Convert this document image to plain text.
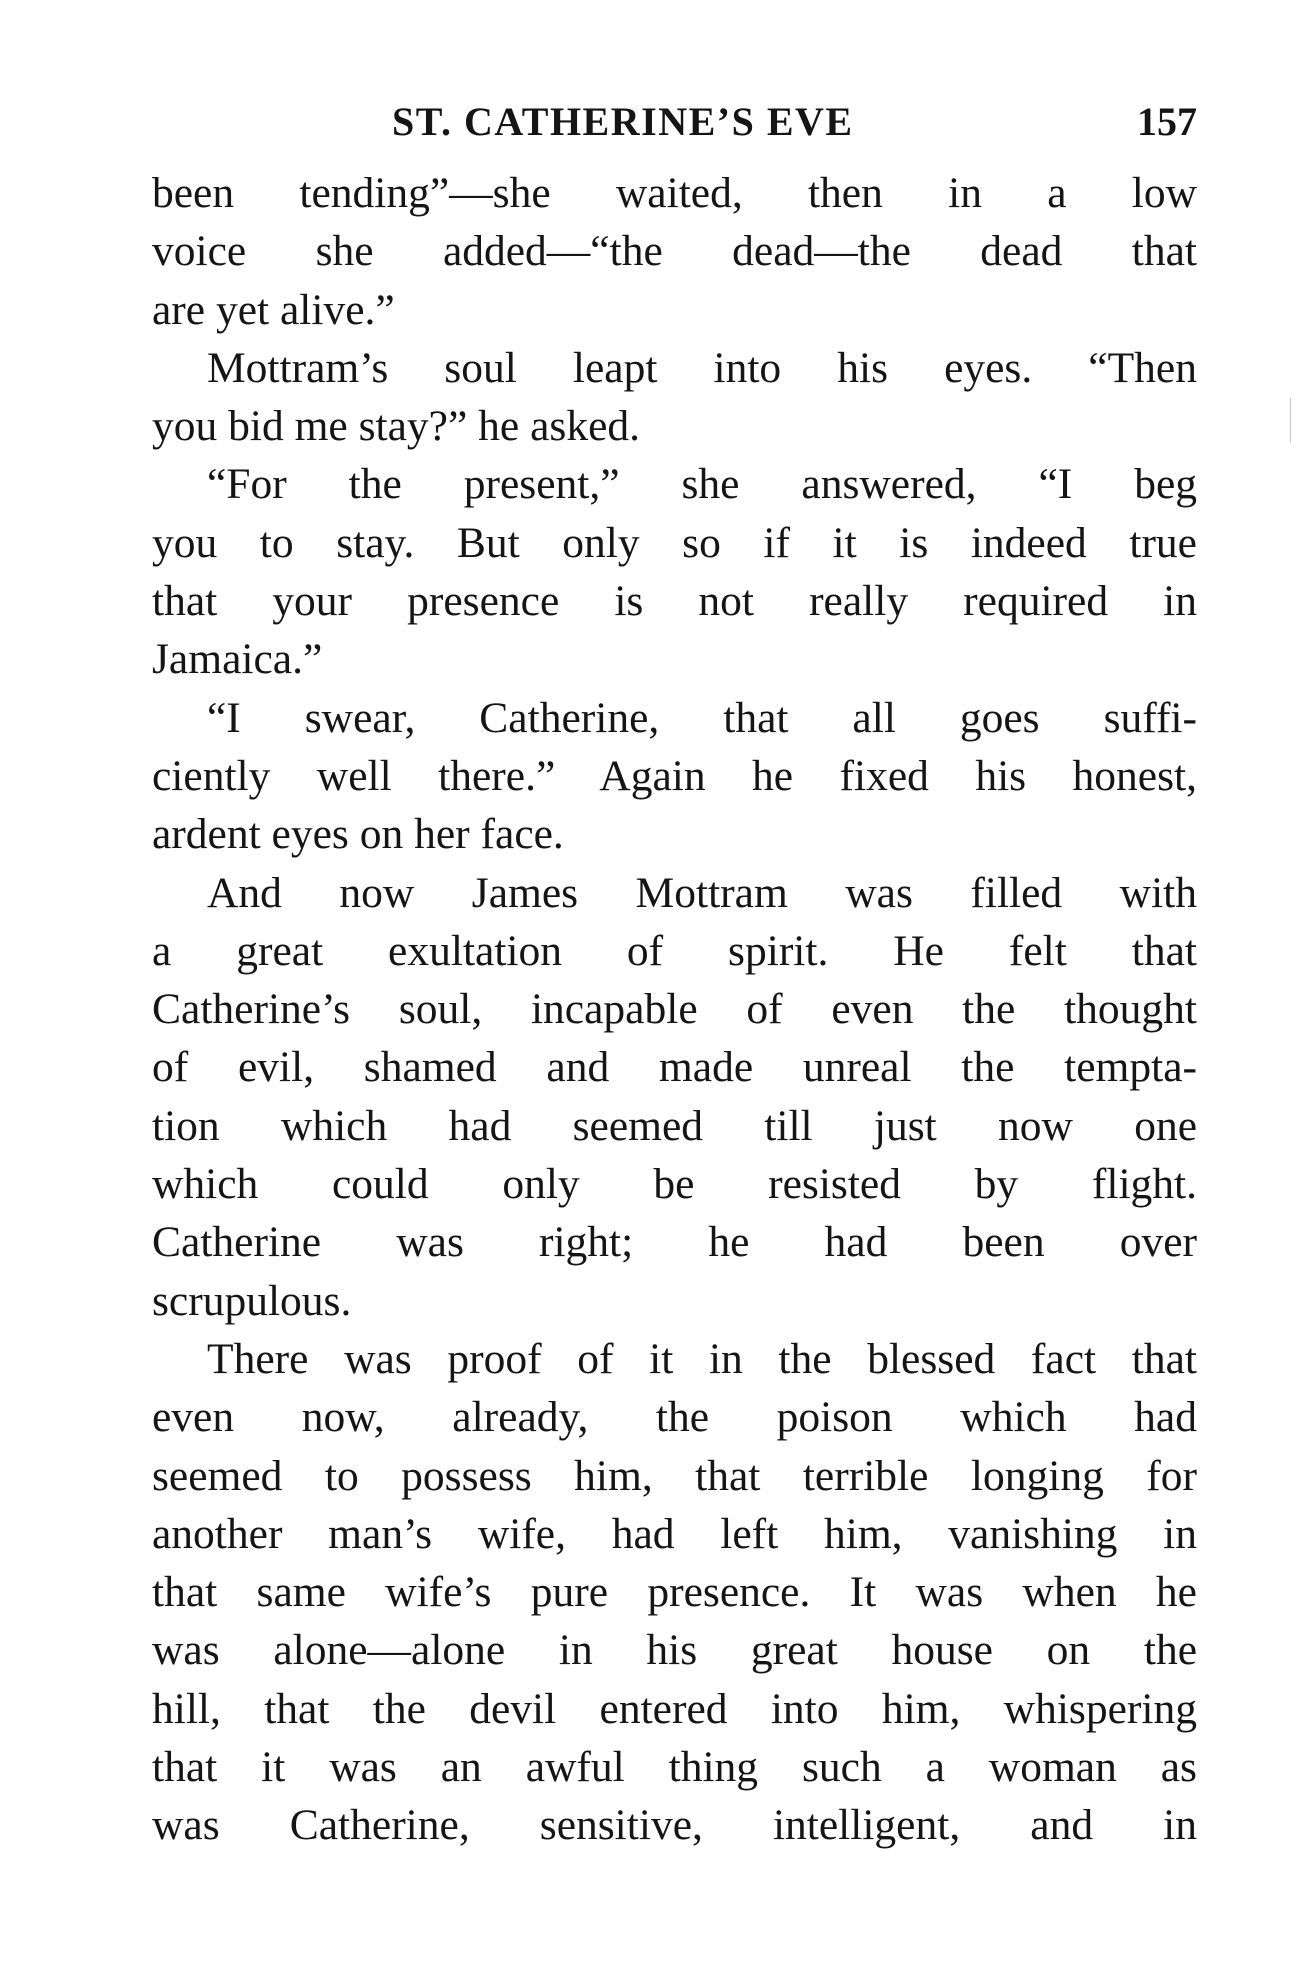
ST. CATHERINE’S EVE	157
been tending”—she waited, then in a low
voice she added—“the dead—the dead that
are yet alive.”
Mottram’s soul leapt into his eyes. “Then
you bid me stay?” he asked.
“For the present,” she answered, “I beg
you to stay. But only so if it is indeed true
that your presence is not really required in
Jamaica.”
“I swear, Catherine, that all goes suffi-
ciently well there.” Again he fixed his honest,
ardent eyes on her face.
And now James Mottram was filled with
a great exultation of spirit. He felt that
Catherine’s soul, incapable of even the thought
of evil, shamed and made unreal the tempta-
tion which had seemed till just now one
which could only be resisted by flight.
Catherine was right; he had been over
scrupulous.
There was proof of it in the blessed fact that
even now, already, the poison which had
seemed to possess him, that terrible longing for
another man’s wife, had left him, vanishing in
that same wife’s pure presence. It was when he
was alone—alone in his great house on the
hill, that the devil entered into him, whispering
that it was an awful thing such a woman as
was Catherine, sensitive, intelligent, and in
